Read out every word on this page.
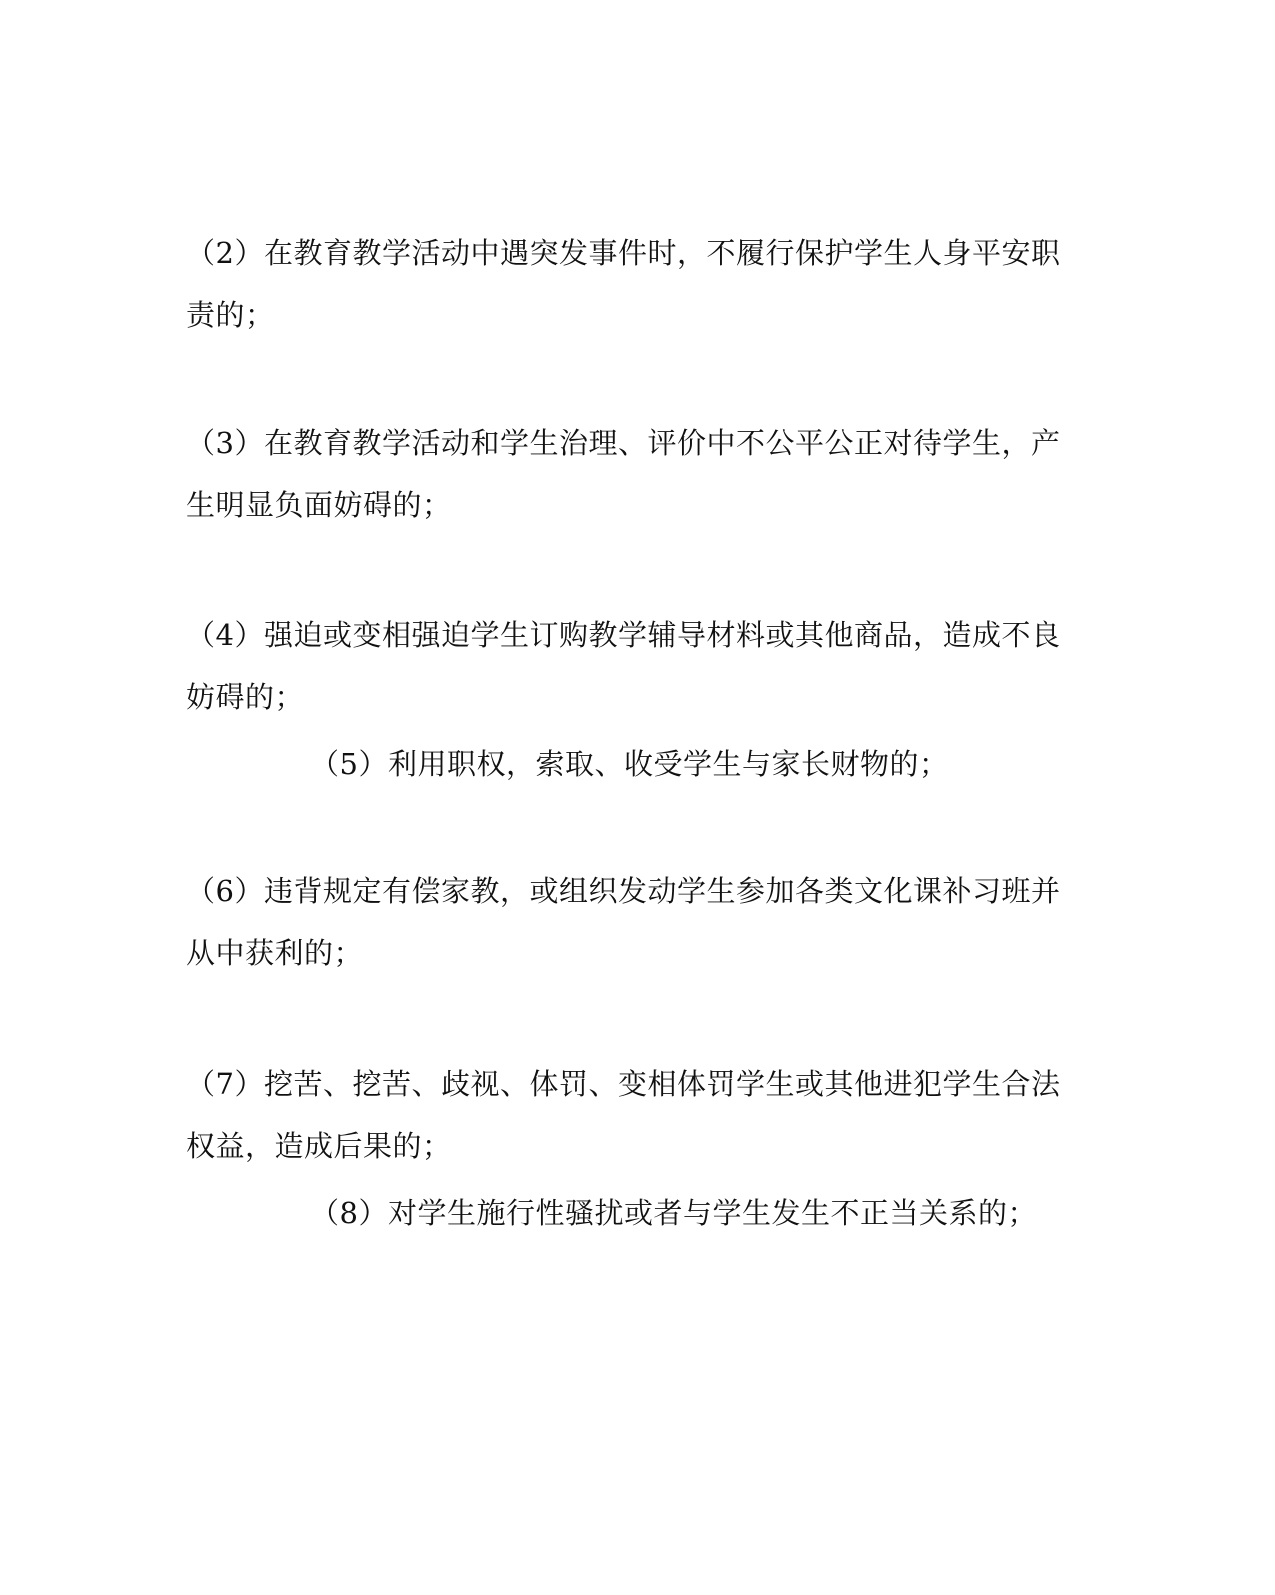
（2）在教育教学活动中遇突发事件时，不履行保护学生人身平安职责的；

（3）在教育教学活动和学生治理、评价中不公平公正对待学生，产生明显负面妨碍的；

（4）强迫或变相强迫学生订购教学辅导材料或其他商品，造成不良妨碍的；

（5）利用职权，索取、收受学生与家长财物的；

（6）违背规定有偿家教，或组织发动学生参加各类文化课补习班并从中获利的；

（7）挖苦、挖苦、歧视、体罚、变相体罚学生或其他进犯学生合法权益，造成后果的；

（8）对学生施行性骚扰或者与学生发生不正当关系的；
